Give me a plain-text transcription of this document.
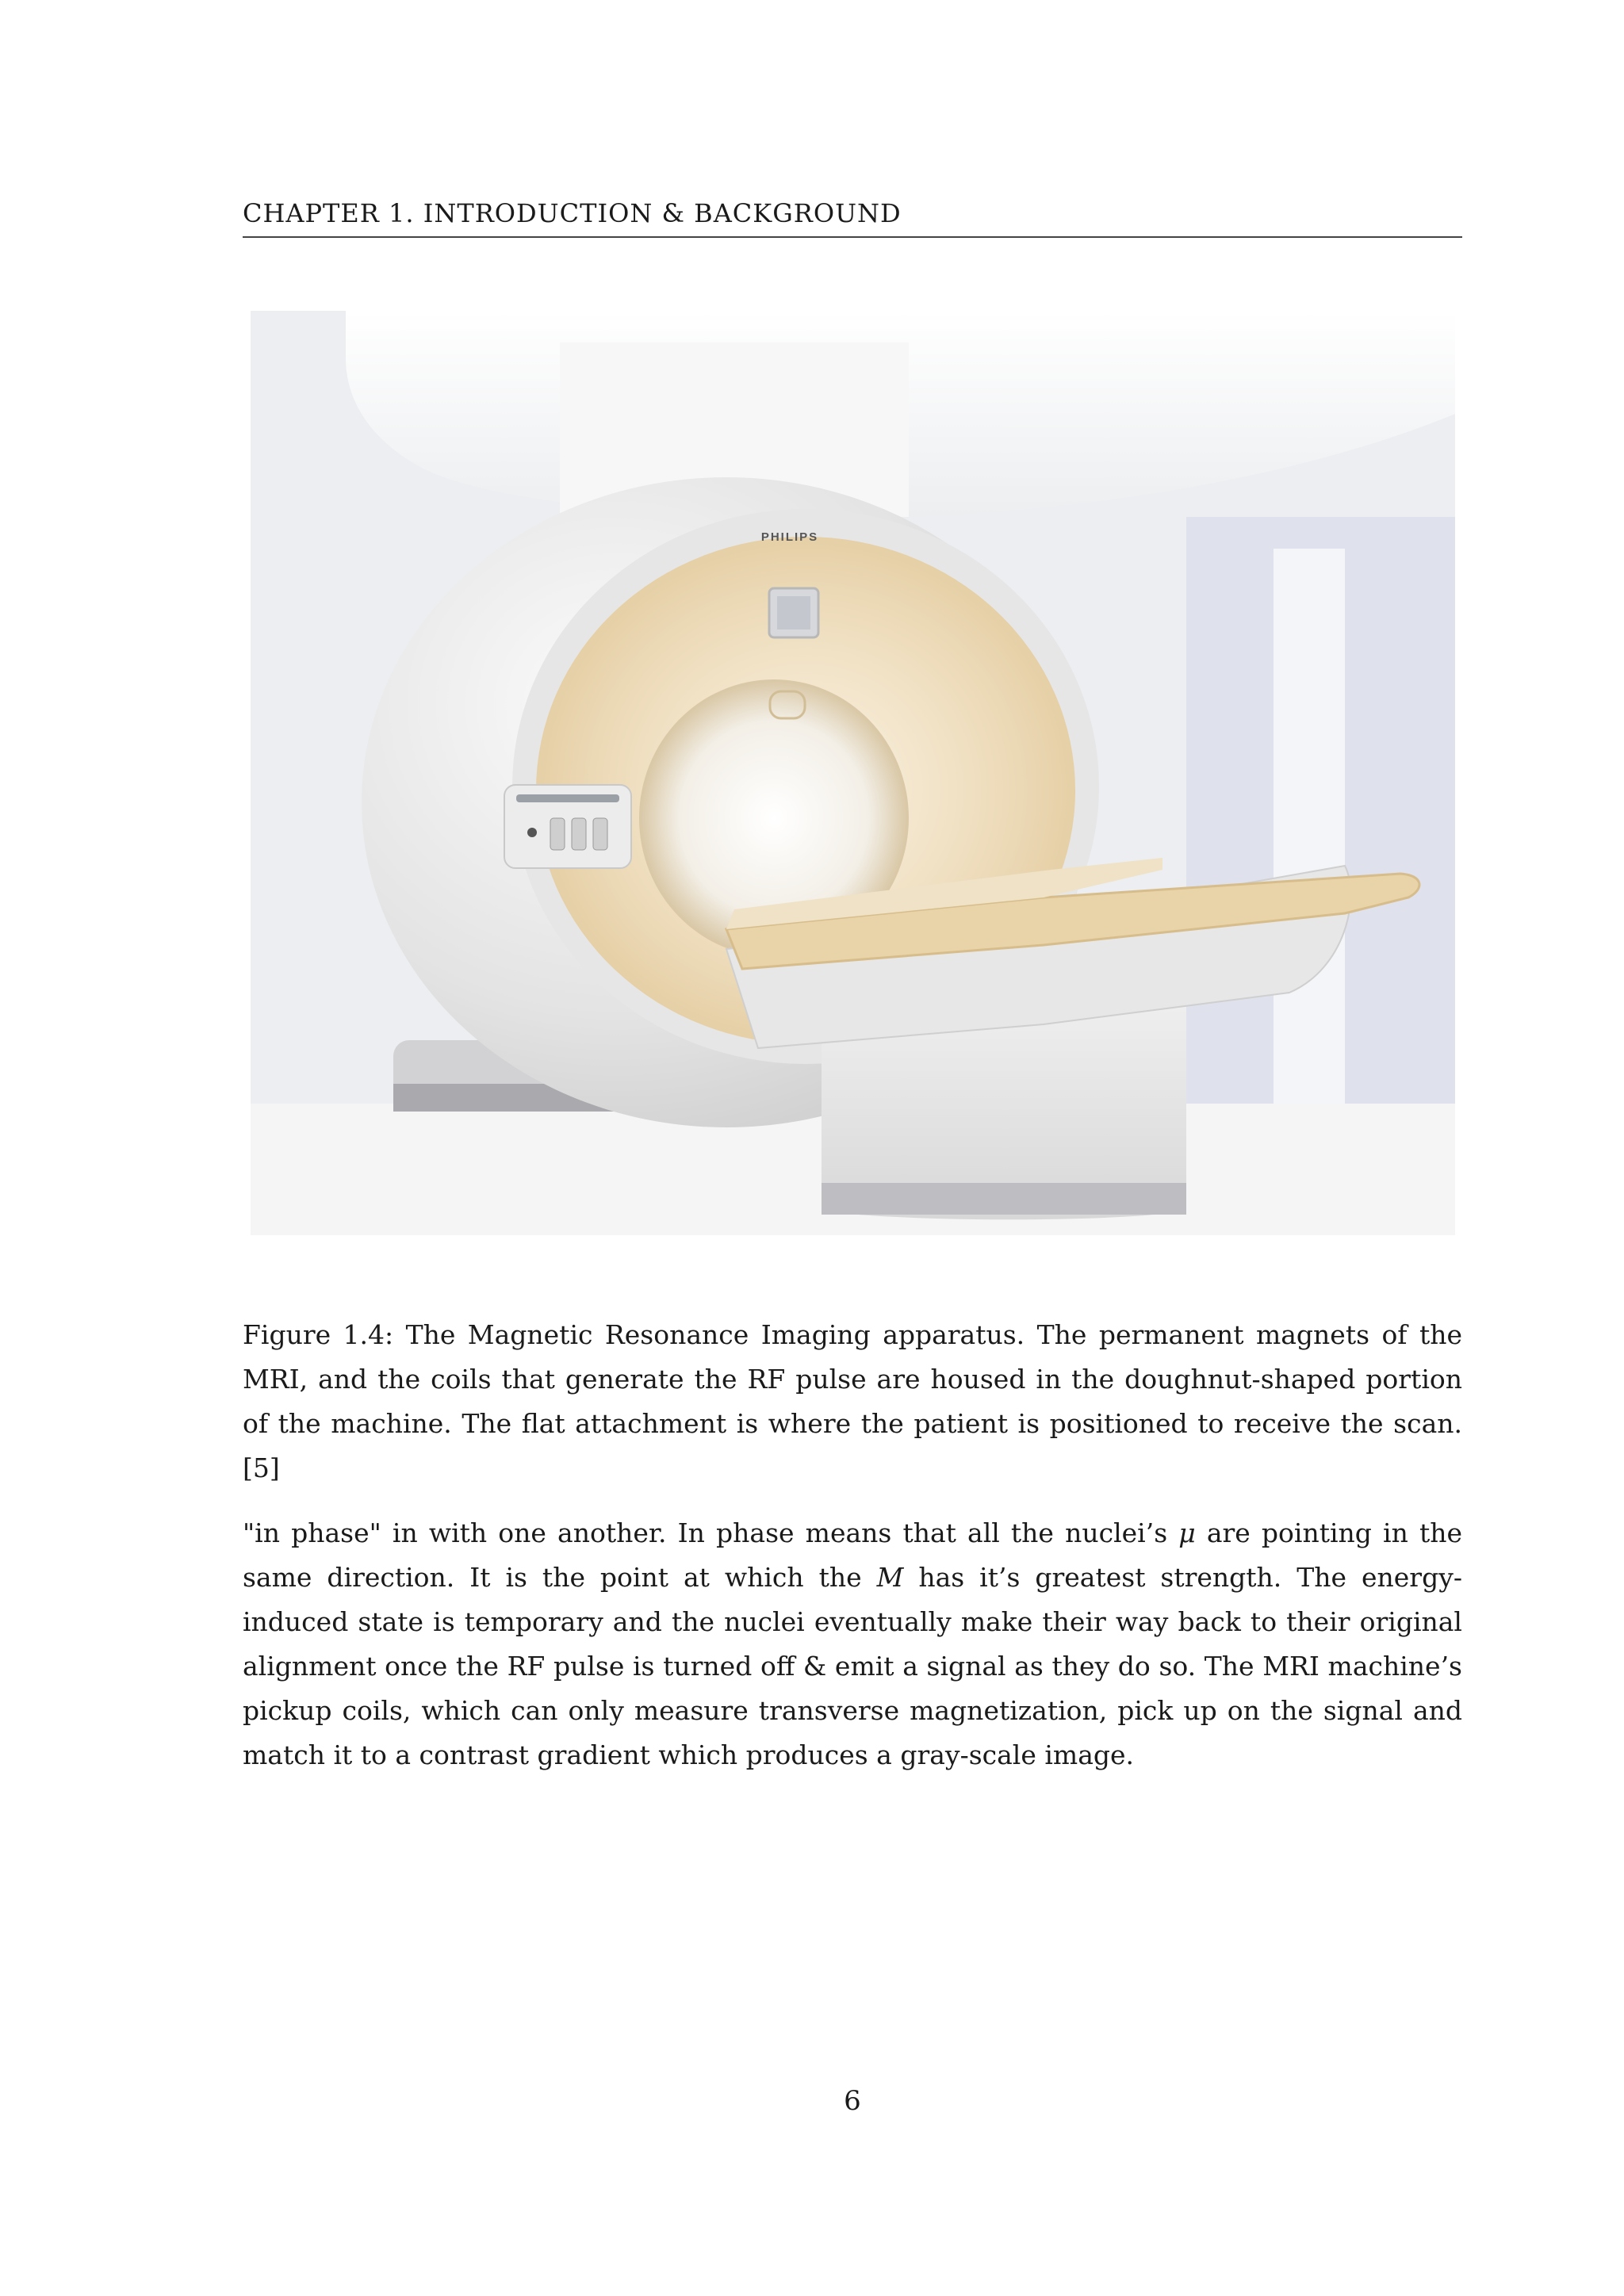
CHAPTER 1. INTRODUCTION & BACKGROUND
PHILIPS
Figure 1.4: The Magnetic Resonance Imaging apparatus. The permanent magnets of the MRI, and the coils that generate the RF pulse are housed in the doughnut-shaped portion of the machine. The flat attachment is where the patient is positioned to receive the scan.[5]
"in phase" in with one another. In phase means that all the nuclei’s μ are pointing in the same direction. It is the point at which the M has it’s greatest strength. The energy-induced state is temporary and the nuclei eventually make their way back to their original alignment once the RF pulse is turned off & emit a signal as they do so. The MRI machine’s pickup coils, which can only measure transverse magnetization, pick up on the signal and match it to a contrast gradient which produces a gray-scale image.
6
